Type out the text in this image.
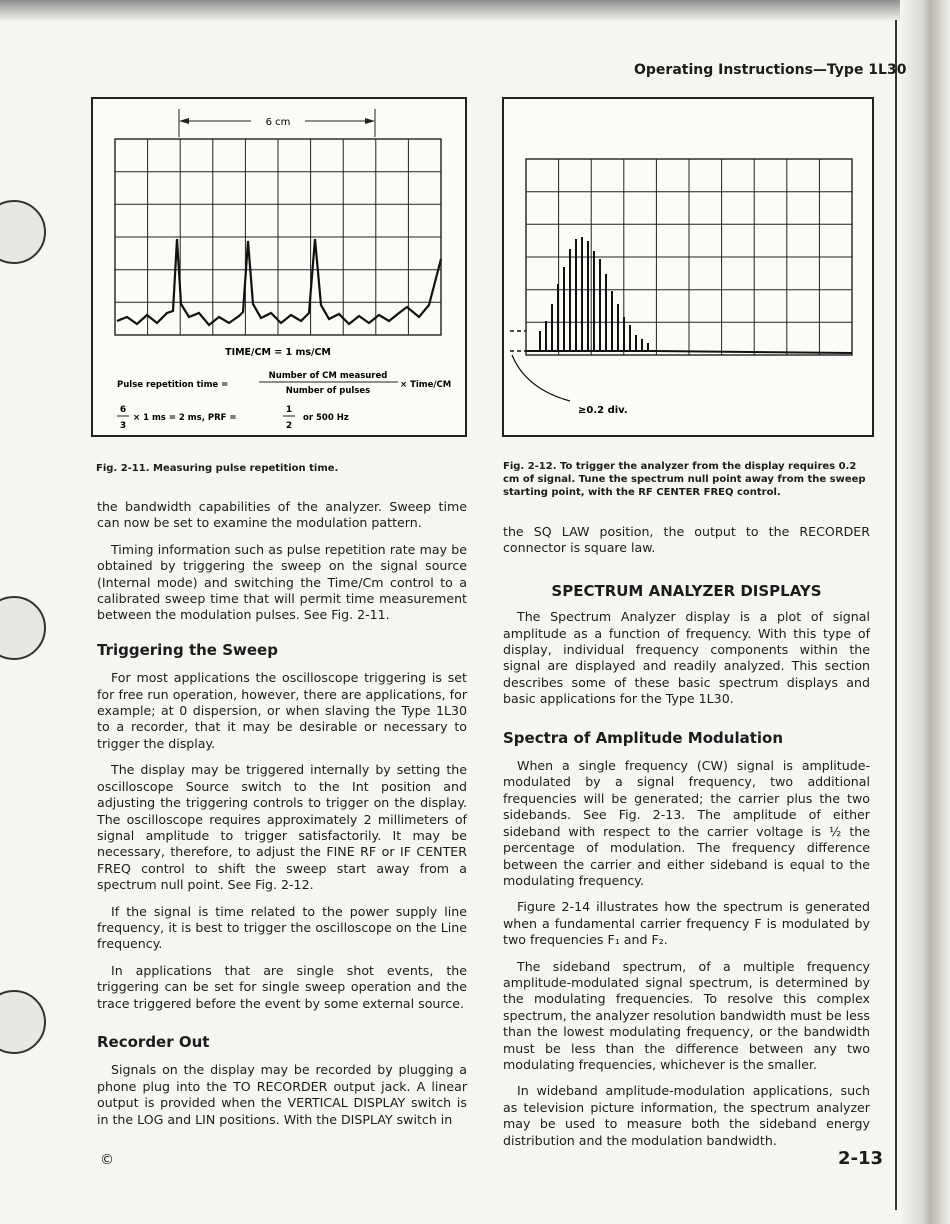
Operating Instructions—Type 1L30
6 cm
TIME/CM = 1 ms/CM
Pulse repetition time =
Number of CM measured
Number of pulses
× Time/CM
6
3
× 1 ms = 2 ms, PRF =
1
2
or 500 Hz
Fig. 2-11. Measuring pulse repetition time.
≥0.2 div.
Fig. 2-12. To trigger the analyzer from the display requires 0.2 cm of signal. Tune the spectrum null point away from the sweep starting point, with the RF CENTER FREQ control.

the bandwidth capabilities of the analyzer. Sweep time can now be set to examine the modulation pattern.

Timing information such as pulse repetition rate may be obtained by triggering the sweep on the signal source (Internal mode) and switching the Time/Cm control to a calibrated sweep time that will permit time measurement between the modulation pulses. See Fig. 2-11.

Triggering the Sweep

For most applications the oscilloscope triggering is set for free run operation, however, there are applications, for example; at 0 dispersion, or when slaving the Type 1L30 to a recorder, that it may be desirable or necessary to trigger the display.

The display may be triggered internally by setting the oscilloscope Source switch to the Int position and adjusting the triggering controls to trigger on the display. The oscilloscope requires approximately 2 millimeters of signal amplitude to trigger satisfactorily. It may be necessary, therefore, to adjust the FINE RF or IF CENTER FREQ control to shift the sweep start away from a spectrum null point. See Fig. 2-12.

If the signal is time related to the power supply line frequency, it is best to trigger the oscilloscope on the Line frequency.

In applications that are single shot events, the triggering can be set for single sweep operation and the trace triggered before the event by some external source.

Recorder Out

Signals on the display may be recorded by plugging a phone plug into the TO RECORDER output jack. A linear output is provided when the VERTICAL DISPLAY switch is in the LOG and LIN positions. With the DISPLAY switch in

the SQ LAW position, the output to the RECORDER connector is square law.

SPECTRUM ANALYZER DISPLAYS

The Spectrum Analyzer display is a plot of signal amplitude as a function of frequency. With this type of display, individual frequency components within the signal are displayed and readily analyzed. This section describes some of these basic spectrum displays and basic applications for the Type 1L30.

Spectra of Amplitude Modulation

When a single frequency (CW) signal is amplitude-modulated by a signal frequency, two additional frequencies will be generated; the carrier plus the two sidebands. See Fig. 2-13. The amplitude of either sideband with respect to the carrier voltage is ½ the percentage of modulation. The frequency difference between the carrier and either sideband is equal to the modulating frequency.

Figure 2-14 illustrates how the spectrum is generated when a fundamental carrier frequency F is modulated by two frequencies F₁ and F₂.

The sideband spectrum, of a multiple frequency amplitude-modulated signal spectrum, is determined by the modulating frequencies. To resolve this complex spectrum, the analyzer resolution bandwidth must be less than the lowest modulating frequency, or the bandwidth must be less than the difference between any two modulating frequencies, whichever is the smaller.

In wideband amplitude-modulation applications, such as television picture information, the spectrum analyzer may be used to measure both the sideband energy distribution and the modulation bandwidth.

©	2-13
